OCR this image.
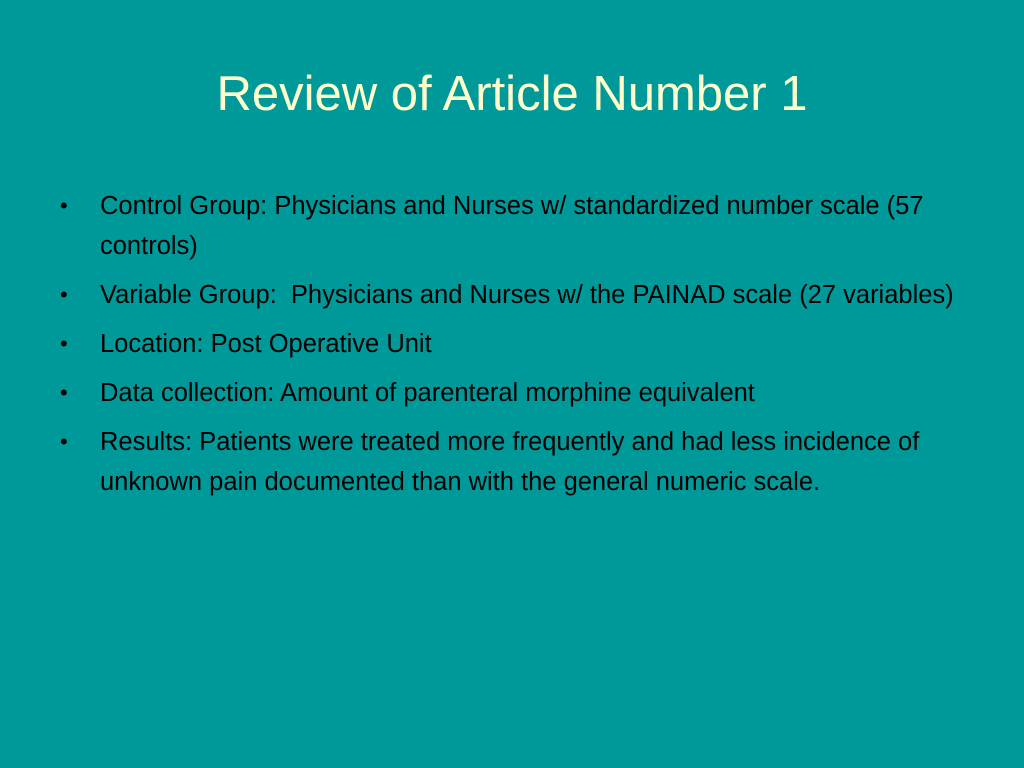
Review of Article Number 1
•	Control Group: Physicians and Nurses w/ standardized number scale (57 controls)
•	Variable Group:  Physicians and Nurses w/ the PAINAD scale (27 variables)
•	Location: Post Operative Unit
•	Data collection: Amount of parenteral morphine equivalent
•	Results: Patients were treated more frequently and had less incidence of unknown pain documented than with the general numeric scale.
